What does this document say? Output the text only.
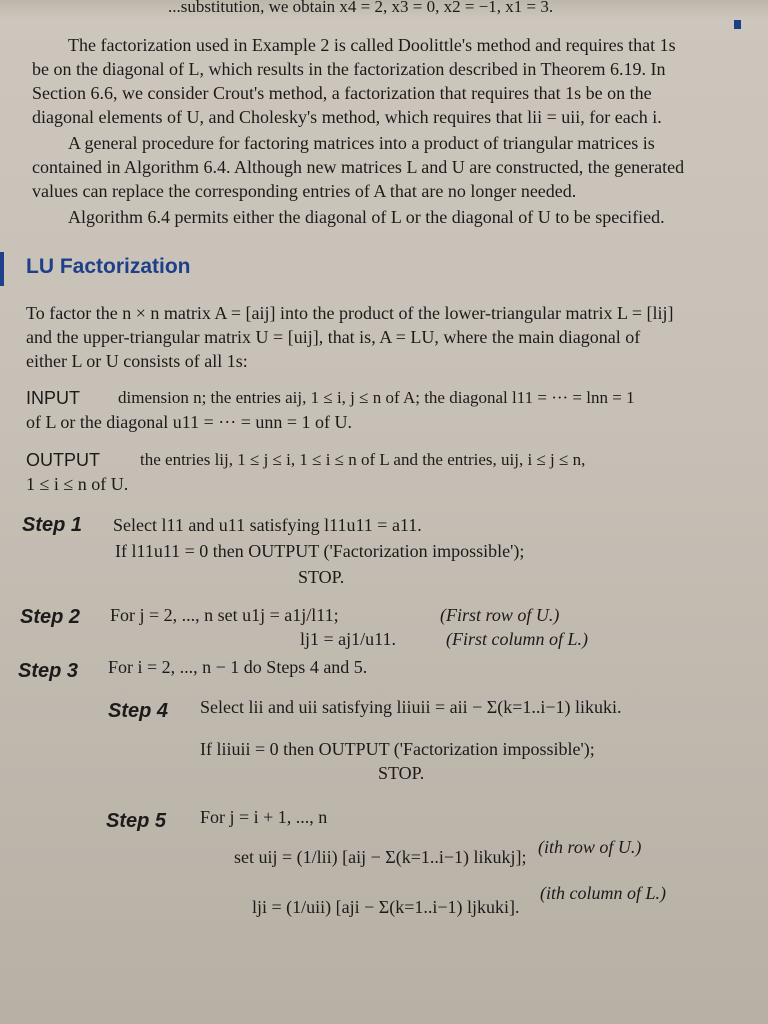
...substitution, we obtain x4 = 2, x3 = 0, x2 = −1, x1 = 3.
The factorization used in Example 2 is called Doolittle's method and requires that 1s
be on the diagonal of L, which results in the factorization described in Theorem 6.19. In
Section 6.6, we consider Crout's method, a factorization that requires that 1s be on the
diagonal elements of U, and Cholesky's method, which requires that lii = uii, for each i.
A general procedure for factoring matrices into a product of triangular matrices is
contained in Algorithm 6.4. Although new matrices L and U are constructed, the generated
values can replace the corresponding entries of A that are no longer needed.
Algorithm 6.4 permits either the diagonal of L or the diagonal of U to be specified.
LU Factorization
To factor the n × n matrix A = [aij] into the product of the lower-triangular matrix L = [lij]
and the upper-triangular matrix U = [uij], that is, A = LU, where the main diagonal of
either L or U consists of all 1s:
INPUT dimension n; the entries aij, 1 ≤ i, j ≤ n of A; the diagonal l11 = ··· = lnn = 1
of L or the diagonal u11 = ··· = unn = 1 of U.
OUTPUT the entries lij, 1 ≤ j ≤ i, 1 ≤ i ≤ n of L and the entries, uij, i ≤ j ≤ n,
1 ≤ i ≤ n of U.
Step 1 Select l11 and u11 satisfying l11u11 = a11.
If l11u11 = 0 then OUTPUT ('Factorization impossible');
STOP.
Step 2 For j = 2, ..., n set u1j = a1j/l11;	(First row of U.)
lj1 = aj1/u11.	(First column of L.)
Step 3 For i = 2, ..., n − 1 do Steps 4 and 5.
Step 4 Select lii and uii satisfying liiuii = aii − Σ(k=1..i−1) likuki.
If liiuii = 0 then OUTPUT ('Factorization impossible');
STOP.
Step 5 For j = i + 1, ..., n
set uij = (1/lii) [aij − Σ(k=1..i−1) likukj]; (ith row of U.)
lji = (1/uii) [aji − Σ(k=1..i−1) ljkuki].
(ith column of L.)
